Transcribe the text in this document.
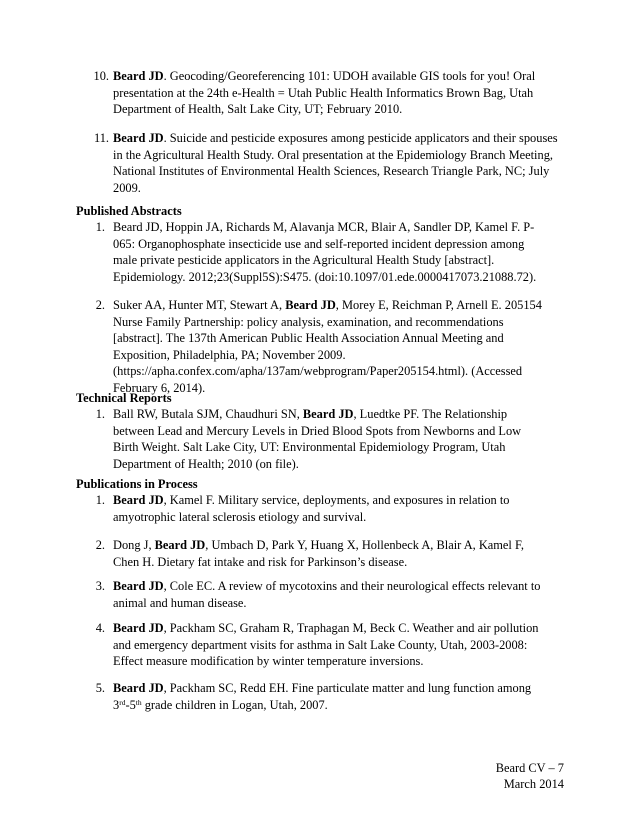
10. Beard JD. Geocoding/Georeferencing 101: UDOH available GIS tools for you! Oral
presentation at the 24th e-Health = Utah Public Health Informatics Brown Bag, Utah
Department of Health, Salt Lake City, UT; February 2010.
11. Beard JD. Suicide and pesticide exposures among pesticide applicators and their spouses
in the Agricultural Health Study. Oral presentation at the Epidemiology Branch Meeting,
National Institutes of Environmental Health Sciences, Research Triangle Park, NC; July
2009.
Published Abstracts
1. Beard JD, Hoppin JA, Richards M, Alavanja MCR, Blair A, Sandler DP, Kamel F. P-
065: Organophosphate insecticide use and self-reported incident depression among
male private pesticide applicators in the Agricultural Health Study [abstract].
Epidemiology. 2012;23(Suppl5S):S475. (doi:10.1097/01.ede.0000417073.21088.72).
2. Suker AA, Hunter MT, Stewart A, Beard JD, Morey E, Reichman P, Arnell E. 205154
Nurse Family Partnership: policy analysis, examination, and recommendations
[abstract]. The 137th American Public Health Association Annual Meeting and
Exposition, Philadelphia, PA; November 2009.
(https://apha.confex.com/apha/137am/webprogram/Paper205154.html). (Accessed
February 6, 2014).
Technical Reports
1. Ball RW, Butala SJM, Chaudhuri SN, Beard JD, Luedtke PF. The Relationship
between Lead and Mercury Levels in Dried Blood Spots from Newborns and Low
Birth Weight. Salt Lake City, UT: Environmental Epidemiology Program, Utah
Department of Health; 2010 (on file).
Publications in Process
1. Beard JD, Kamel F. Military service, deployments, and exposures in relation to
amyotrophic lateral sclerosis etiology and survival.
2. Dong J, Beard JD, Umbach D, Park Y, Huang X, Hollenbeck A, Blair A, Kamel F,
Chen H. Dietary fat intake and risk for Parkinson’s disease.
3. Beard JD, Cole EC. A review of mycotoxins and their neurological effects relevant to
animal and human disease.
4. Beard JD, Packham SC, Graham R, Traphagan M, Beck C. Weather and air pollution
and emergency department visits for asthma in Salt Lake County, Utah, 2003-2008:
Effect measure modification by winter temperature inversions.
5. Beard JD, Packham SC, Redd EH. Fine particulate matter and lung function among
3rd-5th grade children in Logan, Utah, 2007.
Beard CV – 7
March 2014
